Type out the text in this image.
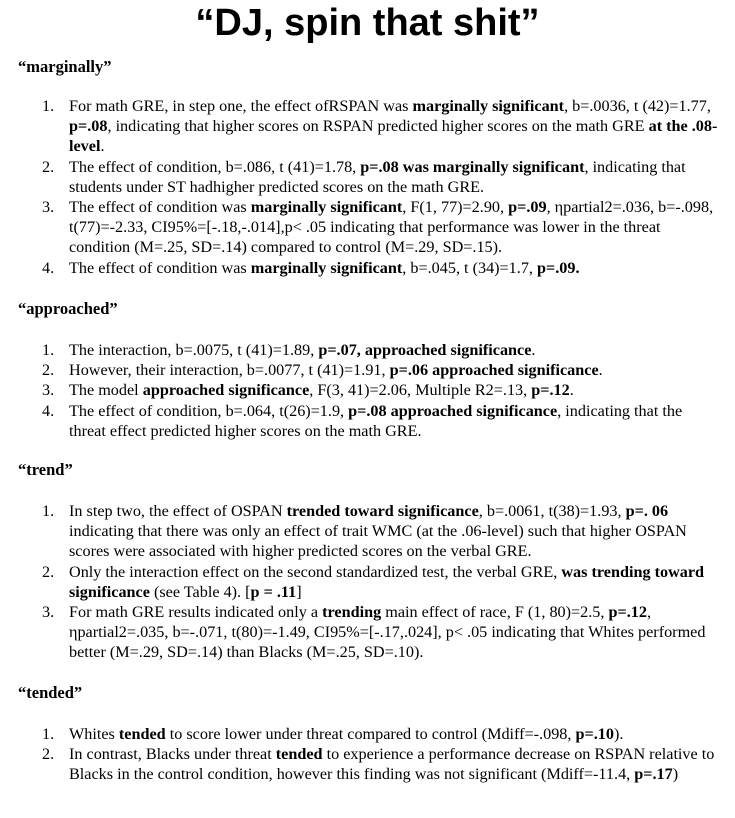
“DJ, spin that shit”
“marginally”
1. For math GRE, in step one, the effect ofRSPAN was marginally significant, b=.0036, t (42)=1.77, p=.08, indicating that higher scores on RSPAN predicted higher scores on the math GRE at the .08-level.
2. The effect of condition, b=.086, t (41)=1.78, p=.08 was marginally significant, indicating that students under ST hadhigher predicted scores on the math GRE.
3. The effect of condition was marginally significant, F(1, 77)=2.90, p=.09, ηpartial2=.036, b=-.098, t(77)=-2.33, CI95%=[-.18,-.014],p< .05 indicating that performance was lower in the threat condition (M=.25, SD=.14) compared to control (M=.29, SD=.15).
4. The effect of condition was marginally significant, b=.045, t (34)=1.7, p=.09.
“approached”
1. The interaction, b=.0075, t (41)=1.89, p=.07, approached significance.
2. However, their interaction, b=.0077, t (41)=1.91, p=.06 approached significance.
3. The model approached significance, F(3, 41)=2.06, Multiple R2=.13, p=.12.
4. The effect of condition, b=.064, t(26)=1.9, p=.08 approached significance, indicating that the threat effect predicted higher scores on the math GRE.
“trend”
1. In step two, the effect of OSPAN trended toward significance, b=.0061, t(38)=1.93, p=. 06 indicating that there was only an effect of trait WMC (at the .06-level) such that higher OSPAN scores were associated with higher predicted scores on the verbal GRE.
2. Only the interaction effect on the second standardized test, the verbal GRE, was trending toward significance (see Table 4). [p = .11]
3. For math GRE results indicated only a trending main effect of race, F (1, 80)=2.5, p=.12, ηpartial2=.035, b=-.071, t(80)=-1.49, CI95%=[-.17,.024], p< .05 indicating that Whites performed better (M=.29, SD=.14) than Blacks (M=.25, SD=.10).
“tended”
1. Whites tended to score lower under threat compared to control (Mdiff=-.098, p=.10).
2. In contrast, Blacks under threat tended to experience a performance decrease on RSPAN relative to Blacks in the control condition, however this finding was not significant (Mdiff=-11.4, p=.17)
